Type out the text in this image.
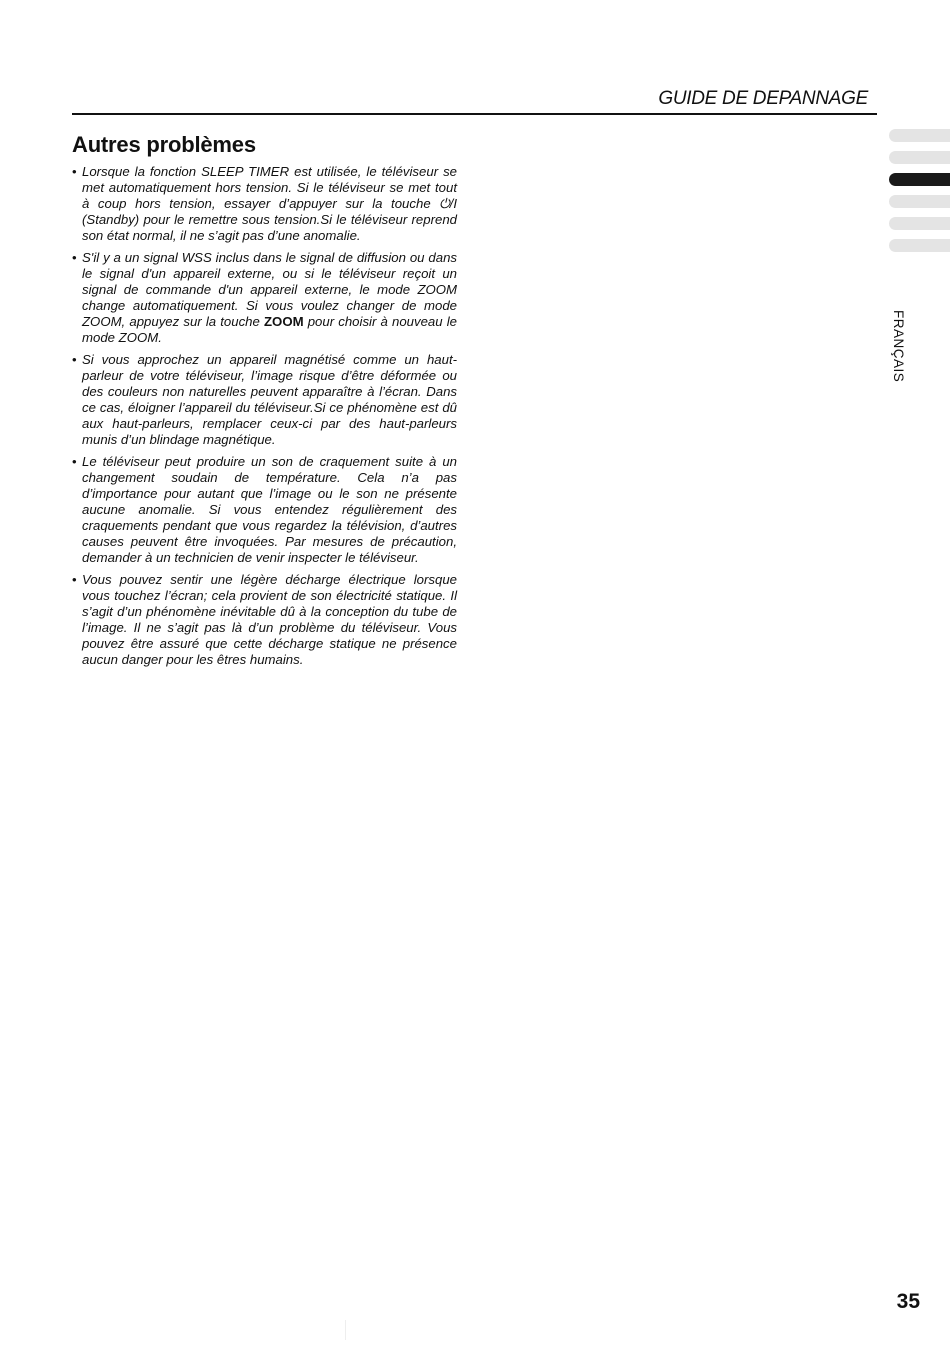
GUIDE DE DEPANNAGE
Autres problèmes
• Lorsque la fonction SLEEP TIMER est utilisée, le téléviseur se met automatiquement hors tension. Si le téléviseur se met tout à coup hors tension, essayer d’appuyer sur la touche ⏻/I (Standby) pour le remettre sous tension.Si le téléviseur reprend son état normal, il ne s’agit pas d’une anomalie.
• S'il y a un signal WSS inclus dans le signal de diffusion ou dans le signal d'un appareil externe, ou si le téléviseur reçoit un signal de commande d'un appareil externe, le mode ZOOM change automatiquement. Si vous voulez changer de mode ZOOM, appuyez sur la touche ZOOM pour choisir à nouveau le mode ZOOM.
• Si vous approchez un appareil magnétisé comme un haut-parleur de votre téléviseur, l’image risque d’être déformée ou des couleurs non naturelles peuvent apparaître à l’écran. Dans ce cas, éloigner l’appareil du téléviseur.Si ce phénomène est dû aux haut-parleurs, remplacer ceux-ci par des haut-parleurs munis d’un blindage magnétique.
• Le téléviseur peut produire un son de craquement suite à un changement soudain de température. Cela n’a pas d’importance pour autant que l’image ou le son ne présente aucune anomalie. Si vous entendez régulièrement des craquements pendant que vous regardez la télévision, d’autres causes peuvent être invoquées. Par mesures de précaution, demander à un technicien de venir inspecter le téléviseur.
• Vous pouvez sentir une légère décharge électrique lorsque vous touchez l’écran; cela provient de son électricité statique. Il s’agit d’un phénomène inévitable dû à la conception du tube de l’image. Il ne s’agit pas là d’un problème du téléviseur. Vous pouvez être assuré que cette décharge statique ne présence aucun danger pour les êtres humains.
FRANÇAIS
35
